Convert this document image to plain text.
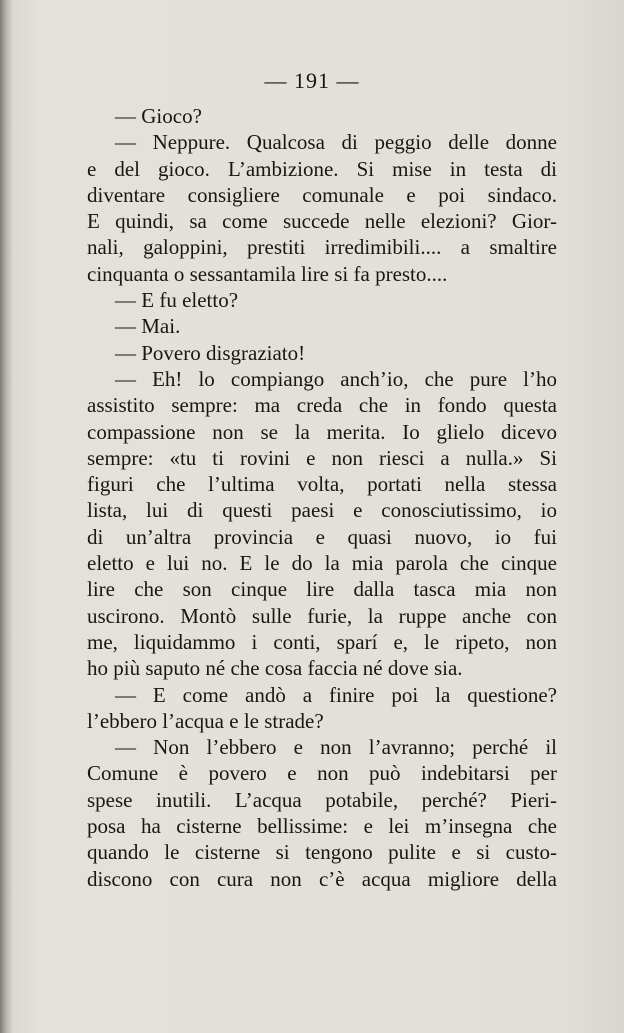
— 191 —
— Gioco?
— Neppure. Qualcosa di peggio delle donne
e del gioco. L’ambizione. Si mise in testa di
diventare consigliere comunale e poi sindaco.
E quindi, sa come succede nelle elezioni? Gior-
nali, galoppini, prestiti irredimibili.... a smaltire
cinquanta o sessantamila lire si fa presto....
— E fu eletto?
— Mai.
— Povero disgraziato!
— Eh! lo compiango anch’io, che pure l’ho
assistito sempre: ma creda che in fondo questa
compassione non se la merita. Io glielo dicevo
sempre: «tu ti rovini e non riesci a nulla.» Si
figuri che l’ultima volta, portati nella stessa
lista, lui di questi paesi e conosciutissimo, io
di un’altra provincia e quasi nuovo, io fui
eletto e lui no. E le do la mia parola che cinque
lire che son cinque lire dalla tasca mia non
uscirono. Montò sulle furie, la ruppe anche con
me, liquidammo i conti, sparí e, le ripeto, non
ho più saputo né che cosa faccia né dove sia.
— E come andò a finire poi la questione?
l’ebbero l’acqua e le strade?
— Non l’ebbero e non l’avranno; perché il
Comune è povero e non può indebitarsi per
spese inutili. L’acqua potabile, perché? Pieri-
posa ha cisterne bellissime: e lei m’insegna che
quando le cisterne si tengono pulite e si custo-
discono con cura non c’è acqua migliore della
